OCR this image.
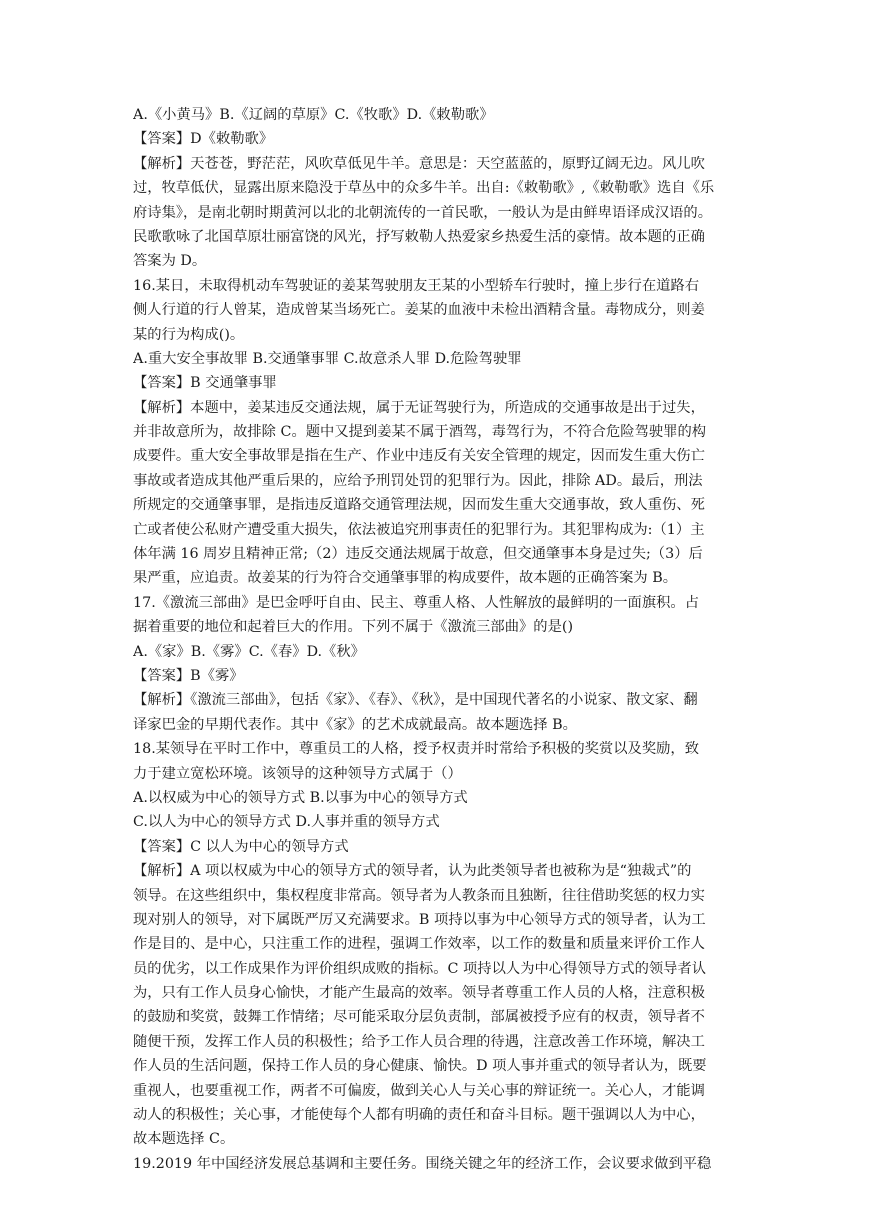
A.《小黄马》B.《辽阔的草原》C.《牧歌》D.《敕勒歌》
【答案】D《敕勒歌》
【解析】天苍苍，野茫茫，风吹草低见牛羊。意思是：天空蓝蓝的，原野辽阔无边。风儿吹
过，牧草低伏，显露出原来隐没于草丛中的众多牛羊。出自:《敕勒歌》,《敕勒歌》选自《乐
府诗集》，是南北朝时期黄河以北的北朝流传的一首民歌，一般认为是由鲜卑语译成汉语的。
民歌歌咏了北国草原壮丽富饶的风光，抒写敕勒人热爱家乡热爱生活的豪情。故本题的正确
答案为 D。
16.某日，未取得机动车驾驶证的姜某驾驶朋友王某的小型轿车行驶时，撞上步行在道路右
侧人行道的行人曾某，造成曾某当场死亡。姜某的血液中未检出酒精含量。毒物成分，则姜
某的行为构成()。
A.重大安全事故罪 B.交通肇事罪 C.故意杀人罪 D.危险驾驶罪
【答案】B 交通肇事罪
【解析】本题中，姜某违反交通法规，属于无证驾驶行为，所造成的交通事故是出于过失，
并非故意所为，故排除 C。题中又提到姜某不属于酒驾，毒驾行为，不符合危险驾驶罪的构
成要件。重大安全事故罪是指在生产、作业中违反有关安全管理的规定，因而发生重大伤亡
事故或者造成其他严重后果的，应给予刑罚处罚的犯罪行为。因此，排除 AD。最后，刑法
所规定的交通肇事罪，是指违反道路交通管理法规，因而发生重大交通事故，致人重伤、死
亡或者使公私财产遭受重大损失，依法被追究刑事责任的犯罪行为。其犯罪构成为:（1）主
体年满 16 周岁且精神正常;（2）违反交通法规属于故意，但交通肇事本身是过失;（3）后
果严重，应追责。故姜某的行为符合交通肇事罪的构成要件，故本题的正确答案为 B。
17.《激流三部曲》是巴金呼吁自由、民主、尊重人格、人性解放的最鲜明的一面旗积。占
据着重要的地位和起着巨大的作用。下列不属于《激流三部曲》的是()
A.《家》B.《雾》C.《春》D.《秋》
【答案】B《雾》
【解析】《激流三部曲》，包括《家》、《春》、《秋》，是中国现代著名的小说家、散文家、翻
译家巴金的早期代表作。其中《家》的艺术成就最高。故本题选择 B。
18.某领导在平时工作中，尊重员工的人格，授予权责并时常给予积极的奖赏以及奖励，致
力于建立宽松环境。该领导的这种领导方式属于（）
A.以权威为中心的领导方式 B.以事为中心的领导方式
C.以人为中心的领导方式 D.人事并重的领导方式
【答案】C 以人为中心的领导方式
【解析】A 项以权威为中心的领导方式的领导者，认为此类领导者也被称为是“独裁式”的
领导。在这些组织中，集权程度非常高。领导者为人教条而且独断，往往借助奖惩的权力实
现对别人的领导，对下属既严厉又充满要求。B 项持以事为中心领导方式的领导者，认为工
作是目的、是中心，只注重工作的进程，强调工作效率，以工作的数量和质量来评价工作人
员的优劣，以工作成果作为评价组织成败的指标。C 项持以人为中心得领导方式的领导者认
为，只有工作人员身心愉快，才能产生最高的效率。领导者尊重工作人员的人格，注意积极
的鼓励和奖赏，鼓舞工作情绪；尽可能采取分层负责制，部属被授予应有的权责，领导者不
随便干预，发挥工作人员的积极性；给予工作人员合理的待遇，注意改善工作环境，解决工
作人员的生活问题，保持工作人员的身心健康、愉快。D 项人事并重式的领导者认为，既要
重视人，也要重视工作，两者不可偏废，做到关心人与关心事的辩证统一。关心人，才能调
动人的积极性；关心事，才能使每个人都有明确的责任和奋斗目标。题干强调以人为中心，
故本题选择 C。
19.2019 年中国经济发展总基调和主要任务。围绕关键之年的经济工作，会议要求做到平稳
